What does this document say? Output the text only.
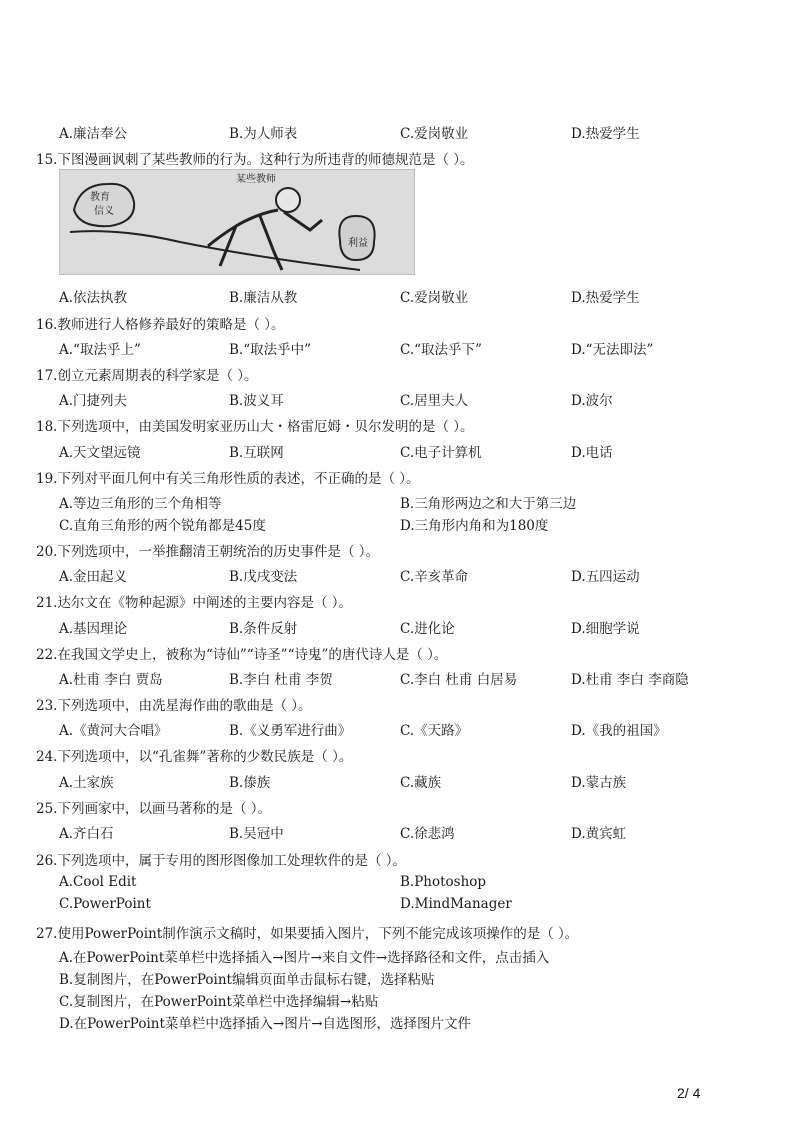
A.廉洁奉公	B.为人师表	C.爱岗敬业	D.热爱学生
15.下图漫画讽刺了某些教师的行为。这种行为所违背的师德规范是（ ）。
教育
信义
某些教师
利益
A.依法执教	B.廉洁从教	C.爱岗敬业	D.热爱学生
16.教师进行人格修养最好的策略是（ ）。
A.“取法乎上”	B.“取法乎中”	C.“取法乎下”	D.“无法即法”
17.创立元素周期表的科学家是（ ）。
A.门捷列夫	B.波义耳	C.居里夫人	D.波尔
18.下列选项中，由美国发明家亚历山大・格雷厄姆・贝尔发明的是（ ）。
A.天文望远镜	B.互联网	C.电子计算机	D.电话
19.下列对平面几何中有关三角形性质的表述，不正确的是（ ）。
A.等边三角形的三个角相等	B.三角形两边之和大于第三边
C.直角三角形的两个锐角都是45度	D.三角形内角和为180度
20.下列选项中，一举推翻清王朝统治的历史事件是（ ）。
A.金田起义	B.戊戌变法	C.辛亥革命	D.五四运动
21.达尔文在《物种起源》中阐述的主要内容是（ ）。
A.基因理论	B.条件反射	C.进化论	D.细胞学说
22.在我国文学史上，被称为“诗仙”“诗圣”“诗鬼”的唐代诗人是（ ）。
A.杜甫 李白 贾岛	B.李白 杜甫 李贺	C.李白 杜甫 白居易	D.杜甫 李白 李商隐
23.下列选项中，由冼星海作曲的歌曲是（ ）。
A.《黄河大合唱》	B.《义勇军进行曲》	C.《天路》	D.《我的祖国》
24.下列选项中，以“孔雀舞”著称的少数民族是（ ）。
A.土家族	B.傣族	C.藏族	D.蒙古族
25.下列画家中，以画马著称的是（ ）。
A.齐白石	B.吴冠中	C.徐悲鸿	D.黄宾虹
26.下列选项中，属于专用的图形图像加工处理软件的是（ ）。
A.Cool Edit	B.Photoshop
C.PowerPoint	D.MindManager
27.使用PowerPoint制作演示文稿时，如果要插入图片，下列不能完成该项操作的是（ ）。
A.在PowerPoint菜单栏中选择插入→图片→来自文件→选择路径和文件，点击插入
B.复制图片，在PowerPoint编辑页面单击鼠标右键，选择粘贴
C.复制图片，在PowerPoint菜单栏中选择编辑→粘贴
D.在PowerPoint菜单栏中选择插入→图片→自选图形，选择图片文件
2/ 4
